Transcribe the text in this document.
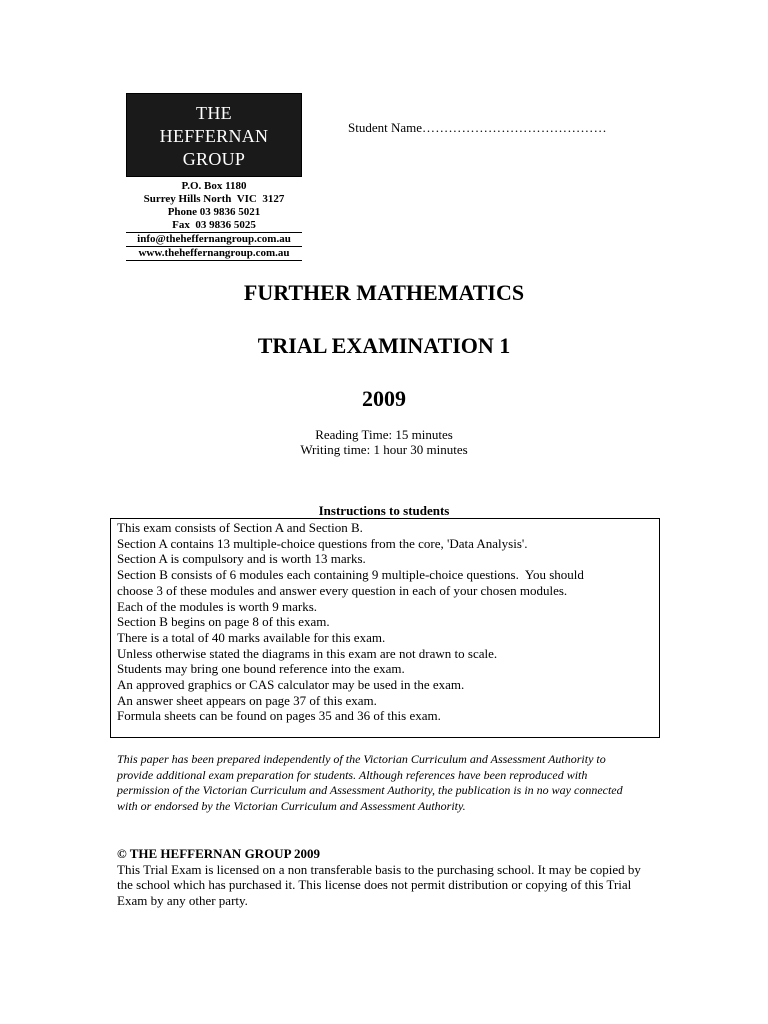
THE
HEFFERNAN
GROUP
P.O. Box 1180
Surrey Hills North  VIC  3127
Phone 03 9836 5021
Fax  03 9836 5025
info@theheffernangroup.com.au
www.theheffernangroup.com.au
Student Name……………………………………
FURTHER MATHEMATICS
TRIAL EXAMINATION 1
2009
Reading Time: 15 minutes
Writing time: 1 hour 30 minutes
Instructions to students
This exam consists of Section A and Section B.
Section A contains 13 multiple-choice questions from the core, 'Data Analysis'.
Section A is compulsory and is worth 13 marks.
Section B consists of 6 modules each containing 9 multiple-choice questions.  You should
choose 3 of these modules and answer every question in each of your chosen modules.
Each of the modules is worth 9 marks.
Section B begins on page 8 of this exam.
There is a total of 40 marks available for this exam.
Unless otherwise stated the diagrams in this exam are not drawn to scale.
Students may bring one bound reference into the exam.
An approved graphics or CAS calculator may be used in the exam.
An answer sheet appears on page 37 of this exam.
Formula sheets can be found on pages 35 and 36 of this exam.
This paper has been prepared independently of the Victorian Curriculum and Assessment Authority to provide additional exam preparation for students. Although references have been reproduced with permission of the Victorian Curriculum and Assessment Authority, the publication is in no way connected with or endorsed by the Victorian Curriculum and Assessment Authority.
© THE HEFFERNAN GROUP 2009
This Trial Exam is licensed on a non transferable basis to the purchasing school. It may be copied by the school which has purchased it. This license does not permit distribution or copying of this Trial Exam by any other party.
